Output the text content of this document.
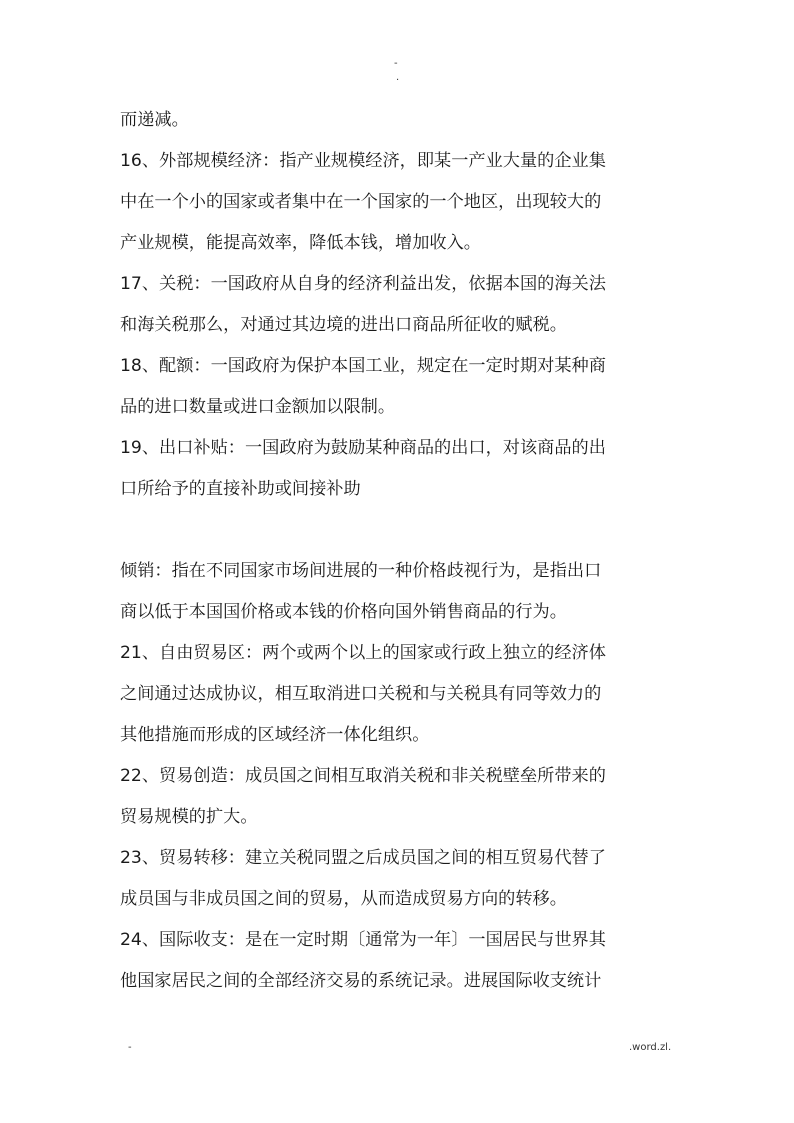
-
.
而递减。
16、外部规模经济：指产业规模经济，即某一产业大量的企业集
中在一个小的国家或者集中在一个国家的一个地区，出现较大的
产业规模，能提高效率，降低本钱，增加收入。
17、关税：一国政府从自身的经济利益出发，依据本国的海关法
和海关税那么，对通过其边境的进出口商品所征收的赋税。
18、配额：一国政府为保护本国工业，规定在一定时期对某种商
品的进口数量或进口金额加以限制。
19、出口补贴：一国政府为鼓励某种商品的出口，对该商品的出
口所给予的直接补助或间接补助
倾销：指在不同国家市场间进展的一种价格歧视行为，是指出口
商以低于本国国价格或本钱的价格向国外销售商品的行为。
21、自由贸易区：两个或两个以上的国家或行政上独立的经济体
之间通过达成协议，相互取消进口关税和与关税具有同等效力的
其他措施而形成的区域经济一体化组织。
22、贸易创造：成员国之间相互取消关税和非关税壁垒所带来的
贸易规模的扩大。
23、贸易转移：建立关税同盟之后成员国之间的相互贸易代替了
成员国与非成员国之间的贸易，从而造成贸易方向的转移。
24、国际收支：是在一定时期〔通常为一年〕一国居民与世界其
他国家居民之间的全部经济交易的系统记录。进展国际收支统计
-	.word.zl.
